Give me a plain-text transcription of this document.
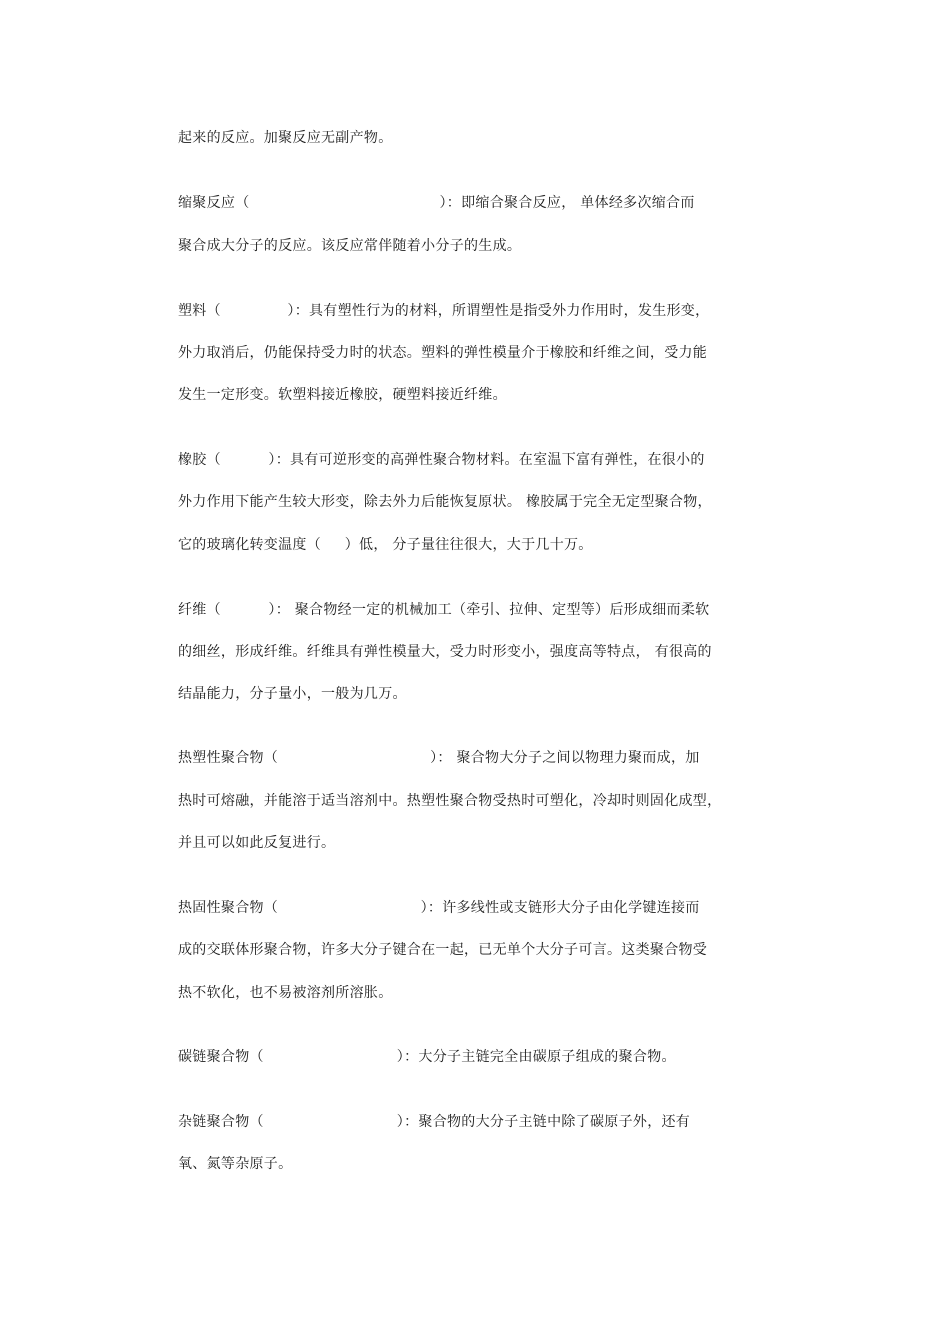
起来的反应。加聚反应无副产物。
缩聚反应（                                        ）：即缩合聚合反应， 单体经多次缩合而
聚合成大分子的反应。该反应常伴随着小分子的生成。
塑料（              ）：具有塑性行为的材料，所谓塑性是指受外力作用时，发生形变，
外力取消后，仍能保持受力时的状态。塑料的弹性模量介于橡胶和纤维之间，受力能
发生一定形变。软塑料接近橡胶，硬塑料接近纤维。
橡胶（          ）：具有可逆形变的高弹性聚合物材料。在室温下富有弹性，在很小的
外力作用下能产生较大形变，除去外力后能恢复原状。 橡胶属于完全无定型聚合物，
它的玻璃化转变温度（     ）低， 分子量往往很大，大于几十万。
纤维（          ）： 聚合物经一定的机械加工（牵引、拉伸、定型等）后形成细而柔软
的细丝，形成纤维。纤维具有弹性模量大，受力时形变小，强度高等特点， 有很高的
结晶能力，分子量小，一般为几万。
热塑性聚合物（                                ）： 聚合物大分子之间以物理力聚而成，加
热时可熔融，并能溶于适当溶剂中。热塑性聚合物受热时可塑化，冷却时则固化成型，
并且可以如此反复进行。
热固性聚合物（                              ）：许多线性或支链形大分子由化学键连接而
成的交联体形聚合物，许多大分子键合在一起，已无单个大分子可言。这类聚合物受
热不软化，也不易被溶剂所溶胀。
碳链聚合物（                            ）：大分子主链完全由碳原子组成的聚合物。
杂链聚合物（                            ）：聚合物的大分子主链中除了碳原子外，还有
氧、氮等杂原子。
